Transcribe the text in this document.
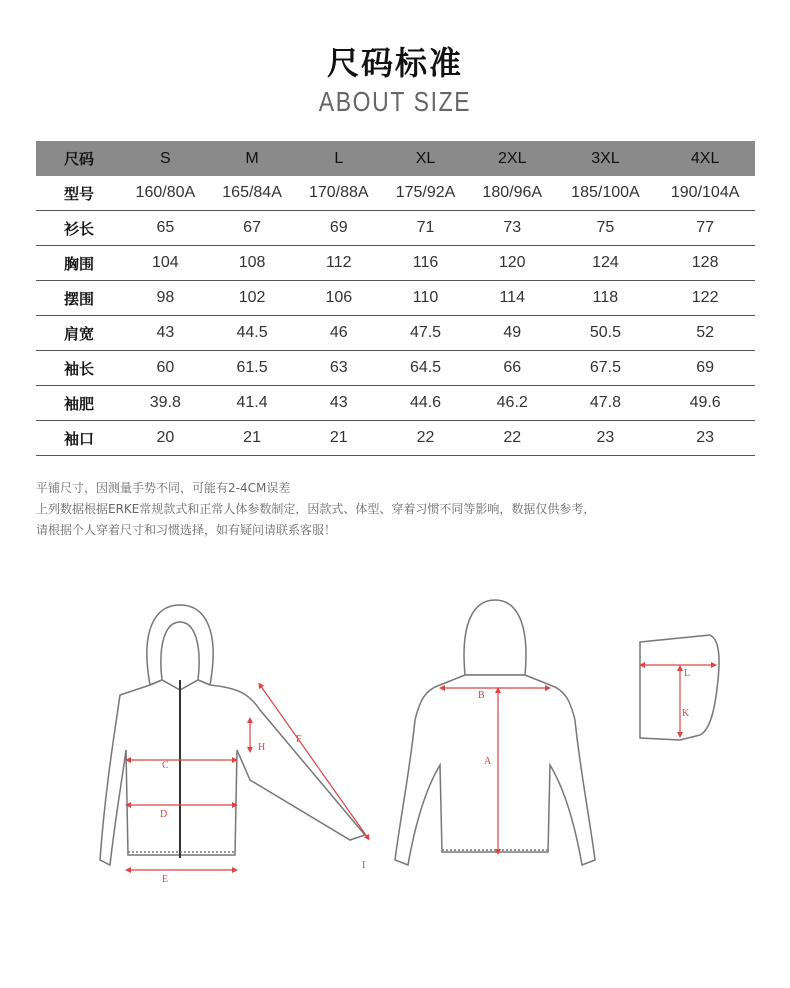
尺码标准
ABOUT SIZE
尺码	S	M	L	XL	2XL	3XL	4XL
型号	160/80A	165/84A	170/88A	175/92A	180/96A	185/100A	190/104A
衫长	65	67	69	71	73	75	77
胸围	104	108	112	116	120	124	128
摆围	98	102	106	110	114	118	122
肩宽	43	44.5	46	47.5	49	50.5	52
袖长	60	61.5	63	64.5	66	67.5	69
袖肥	39.8	41.4	43	44.6	46.2	47.8	49.6
袖口	20	21	21	22	22	23	23
平铺尺寸，因测量手势不同，可能有2-4CM误差
上列数据根据ERKE常规款式和正常人体参数制定，因款式、体型、穿着习惯不同等影响，数据仅供参考，
请根据个人穿着尺寸和习惯选择，如有疑问请联系客服！
C
D
E
F
H
I
B
A
L
K
